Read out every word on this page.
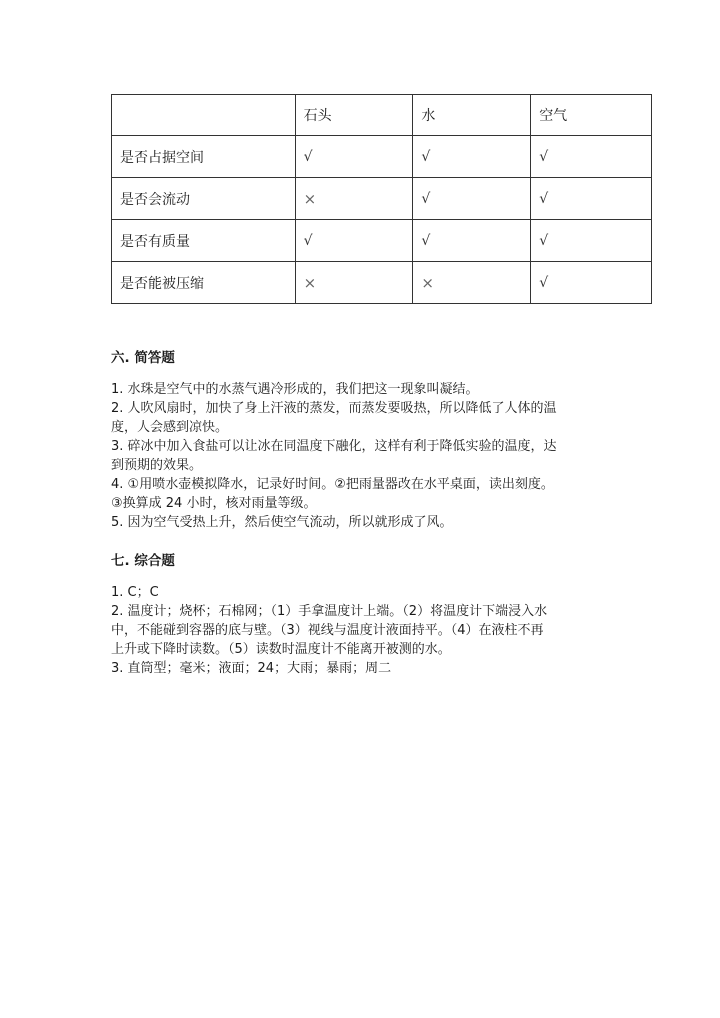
	石头	水	空气
是否占据空间	√	√	√
是否会流动	×	√	√
是否有质量	√	√	√
是否能被压缩	×	×	√
六. 简答题
1. 水珠是空气中的水蒸气遇冷形成的，我们把这一现象叫凝结。
2. 人吹风扇时，加快了身上汗液的蒸发，而蒸发要吸热，所以降低了人体的温
度，人会感到凉快。
3. 碎冰中加入食盐可以让冰在同温度下融化，这样有利于降低实验的温度，达
到预期的效果。
4. ①用喷水壶模拟降水，记录好时间。②把雨量器改在水平桌面，读出刻度。
③换算成 24 小时，核对雨量等级。
5. 因为空气受热上升，然后使空气流动，所以就形成了风。
七. 综合题
1. C；C
2. 温度计；烧杯；石棉网；（1）手拿温度计上端。（2）将温度计下端浸入水
中，不能碰到容器的底与壁。（3）视线与温度计液面持平。（4）在液柱不再
上升或下降时读数。（5）读数时温度计不能离开被测的水。
3. 直筒型；毫米；液面；24；大雨；暴雨；周二
